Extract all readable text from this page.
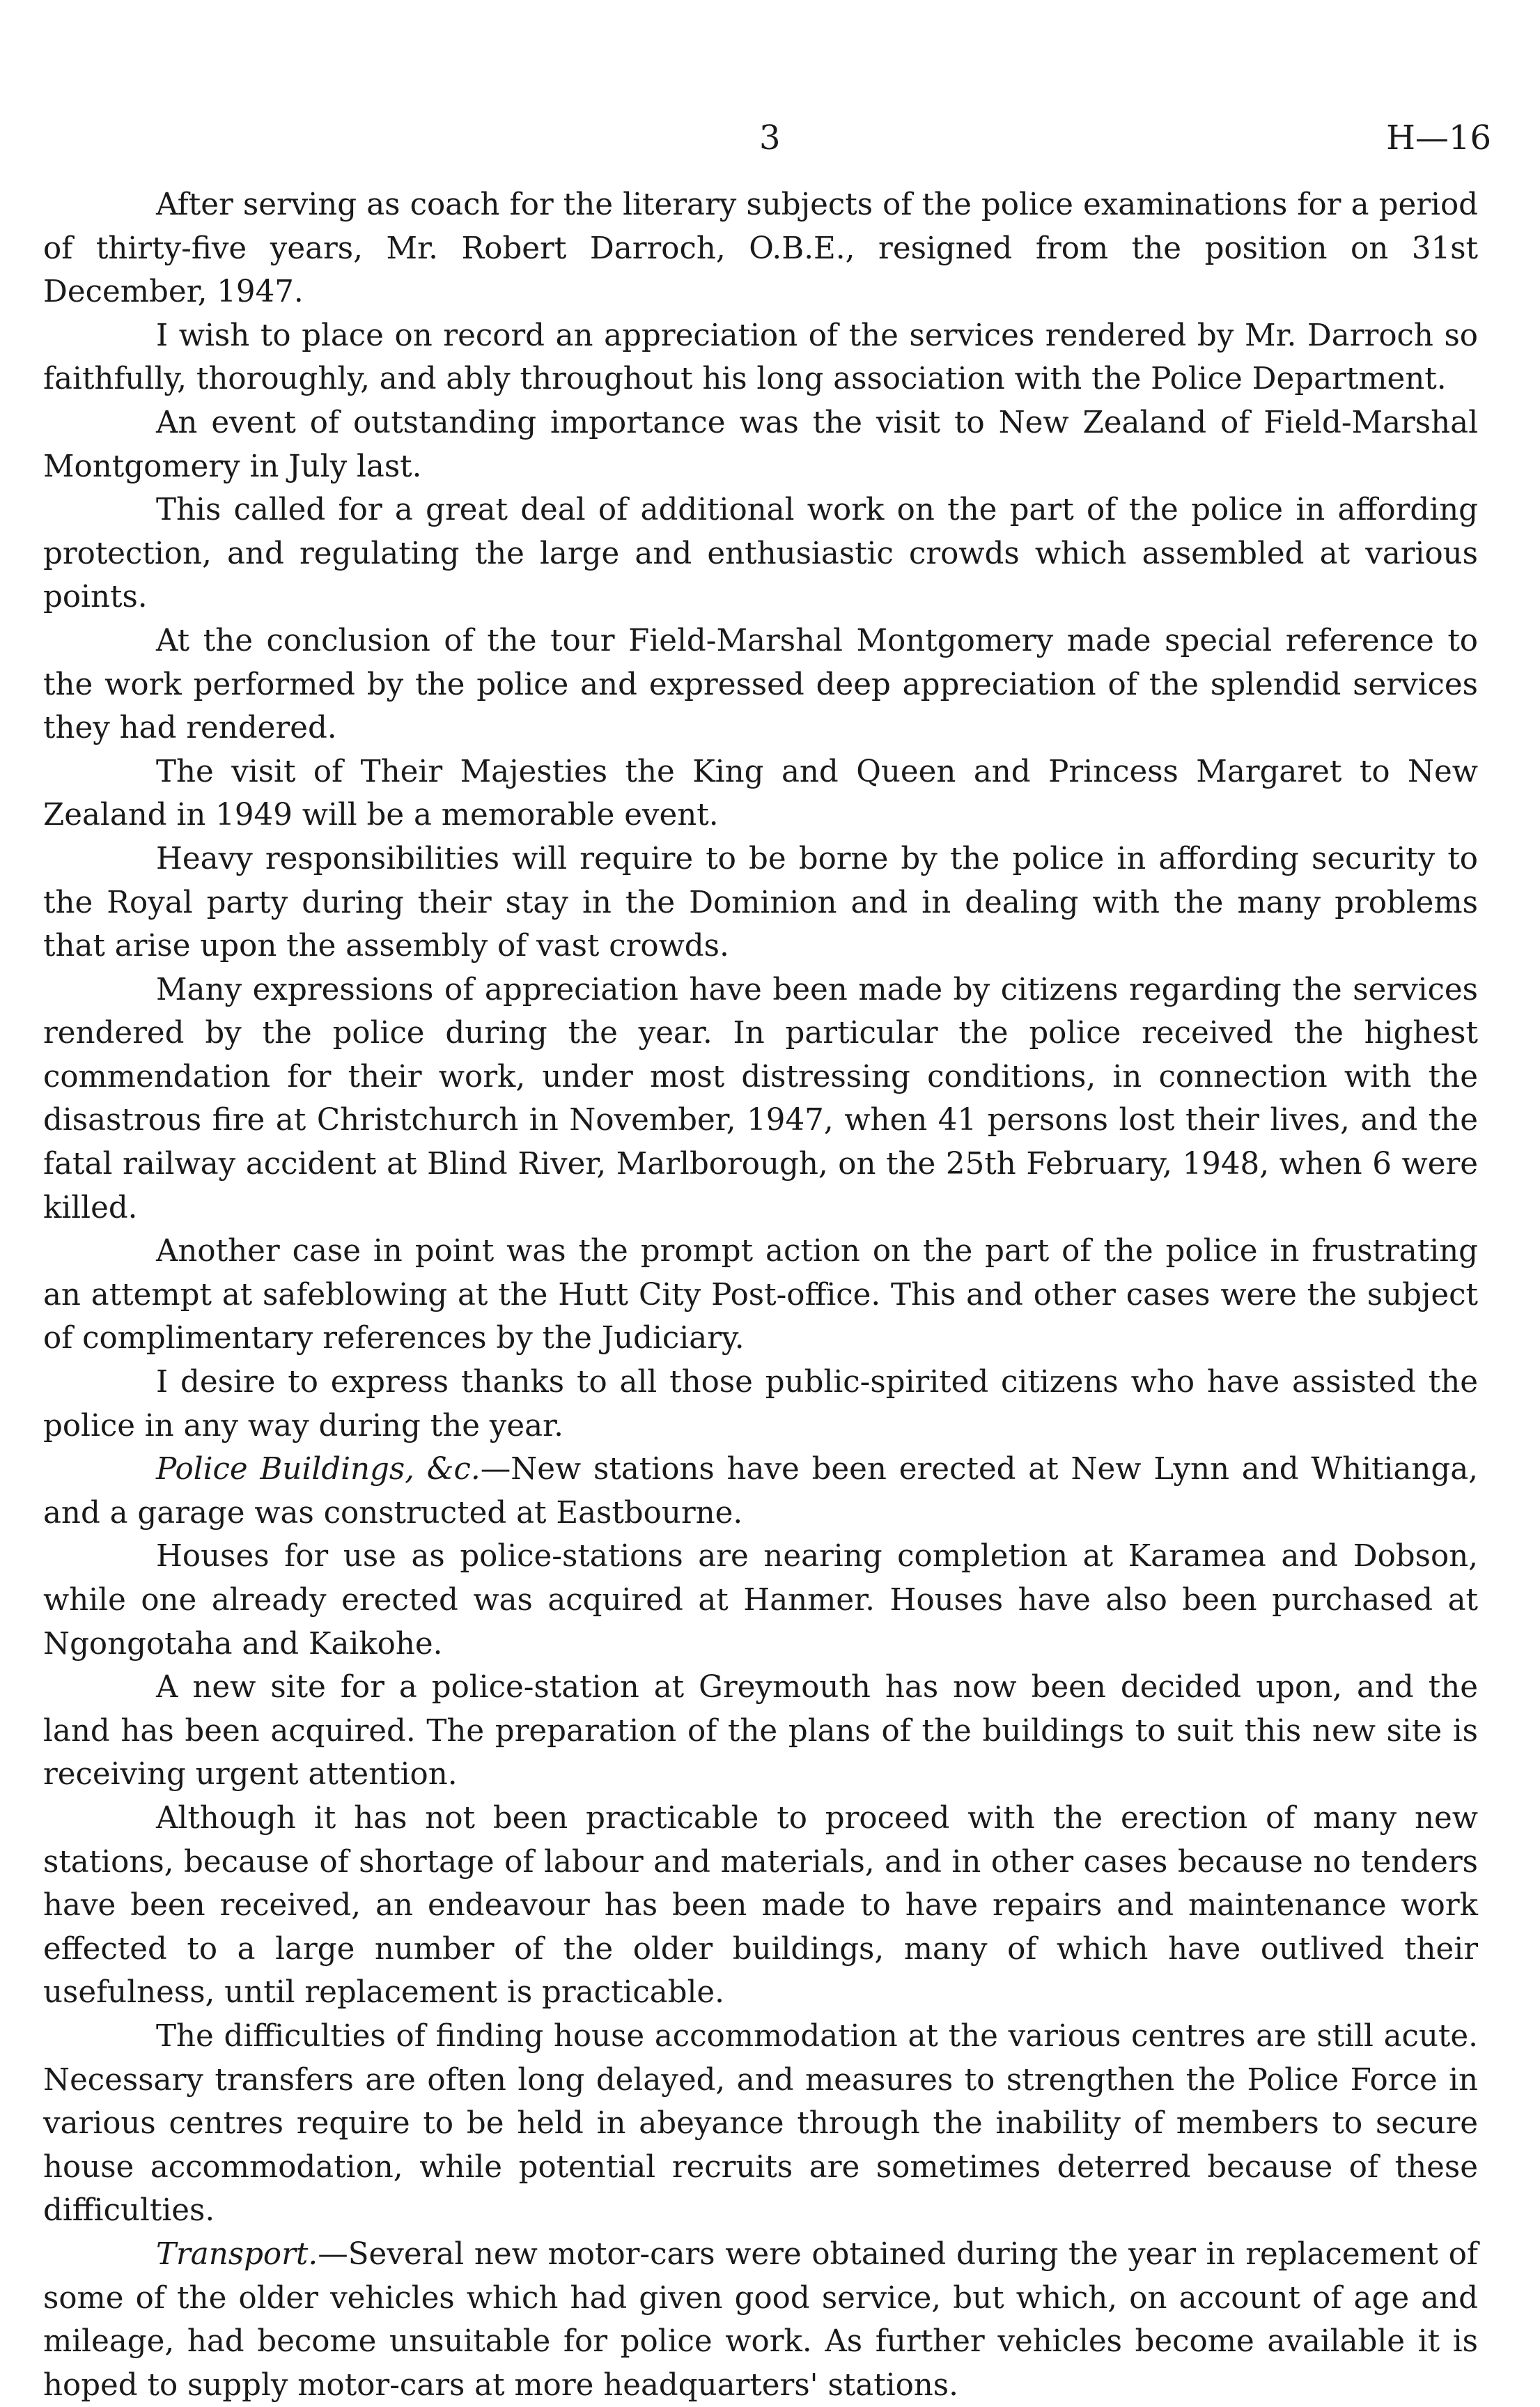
3	H—16

After serving as coach for the literary subjects of the police examinations for a period of thirty-five years, Mr. Robert Darroch, O.B.E., resigned from the position on 31st December, 1947.

I wish to place on record an appreciation of the services rendered by Mr. Darroch so faithfully, thoroughly, and ably throughout his long association with the Police Department.

An event of outstanding importance was the visit to New Zealand of Field-Marshal Montgomery in July last.

This called for a great deal of additional work on the part of the police in affording protection, and regulating the large and enthusiastic crowds which assembled at various points.

At the conclusion of the tour Field-Marshal Montgomery made special reference to the work performed by the police and expressed deep appreciation of the splendid services they had rendered.

The visit of Their Majesties the King and Queen and Princess Margaret to New Zealand in 1949 will be a memorable event.

Heavy responsibilities will require to be borne by the police in affording security to the Royal party during their stay in the Dominion and in dealing with the many problems that arise upon the assembly of vast crowds.

Many expressions of appreciation have been made by citizens regarding the services rendered by the police during the year. In particular the police received the highest commendation for their work, under most distressing conditions, in connection with the disastrous fire at Christchurch in November, 1947, when 41 persons lost their lives, and the fatal railway accident at Blind River, Marlborough, on the 25th February, 1948, when 6 were killed.

Another case in point was the prompt action on the part of the police in frustrating an attempt at safeblowing at the Hutt City Post-office. This and other cases were the subject of complimentary references by the Judiciary.

I desire to express thanks to all those public-spirited citizens who have assisted the police in any way during the year.

Police Buildings, &c.—New stations have been erected at New Lynn and Whitianga, and a garage was constructed at Eastbourne.

Houses for use as police-stations are nearing completion at Karamea and Dobson, while one already erected was acquired at Hanmer. Houses have also been purchased at Ngongotaha and Kaikohe.

A new site for a police-station at Greymouth has now been decided upon, and the land has been acquired. The preparation of the plans of the buildings to suit this new site is receiving urgent attention.

Although it has not been practicable to proceed with the erection of many new stations, because of shortage of labour and materials, and in other cases because no tenders have been received, an endeavour has been made to have repairs and maintenance work effected to a large number of the older buildings, many of which have outlived their usefulness, until replacement is practicable.

The difficulties of finding house accommodation at the various centres are still acute. Necessary transfers are often long delayed, and measures to strengthen the Police Force in various centres require to be held in abeyance through the inability of members to secure house accommodation, while potential recruits are sometimes deterred because of these difficulties.

Transport.—Several new motor-cars were obtained during the year in replacement of some of the older vehicles which had given good service, but which, on account of age and mileage, had become unsuitable for police work. As further vehicles become available it is hoped to supply motor-cars at more headquarters' stations.
